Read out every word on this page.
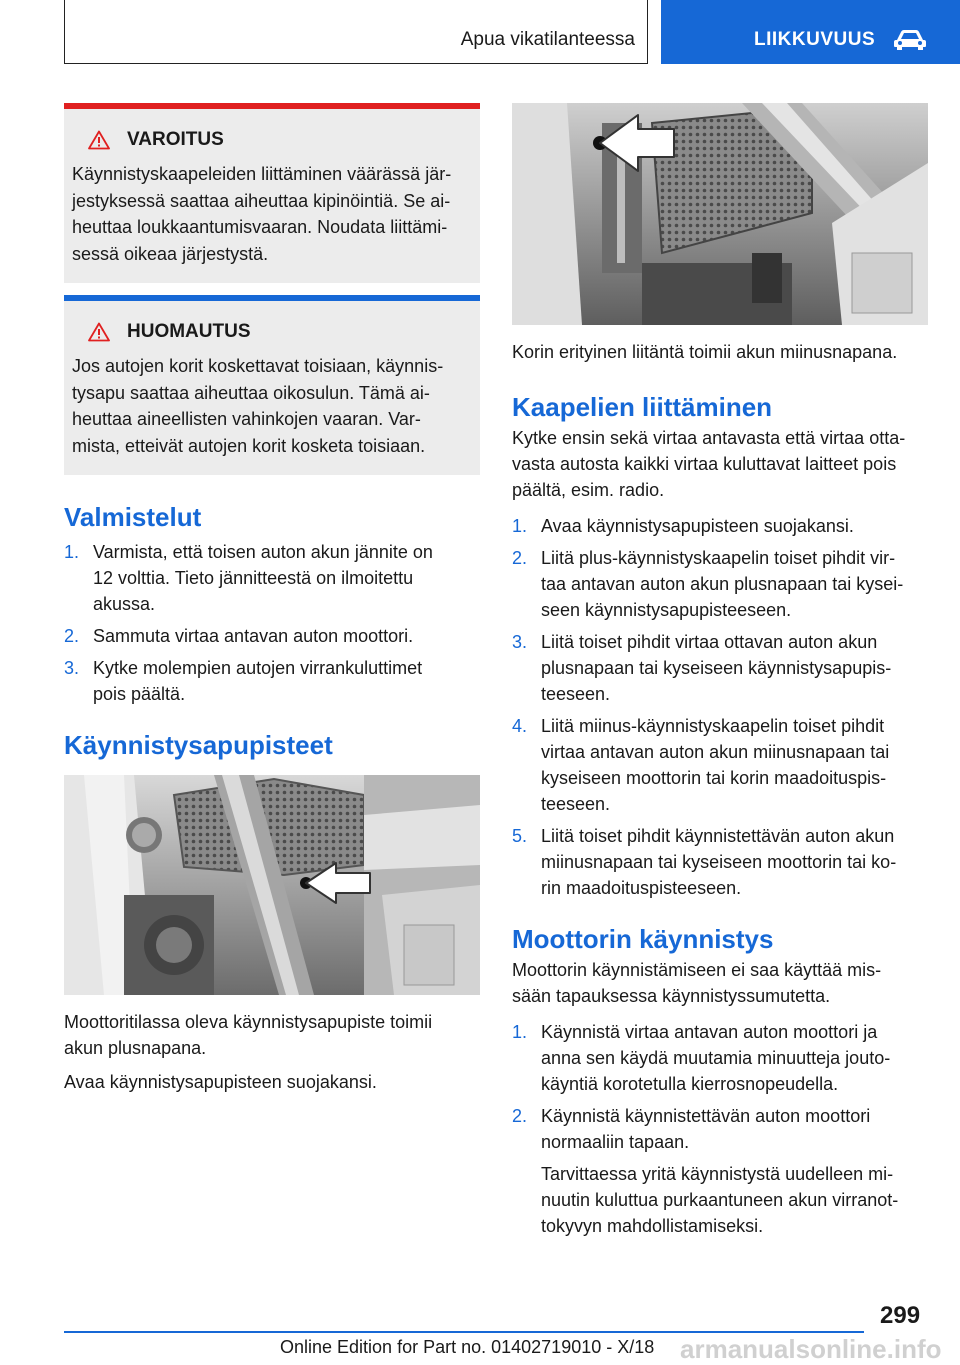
Apua vikatilanteessa	LIIKKUVUUS
VAROITUS
Käynnistyskaapeleiden liittäminen väärässä jär-
jestyksessä saattaa aiheuttaa kipinöintiä. Se ai-
heuttaa loukkaantumisvaaran. Noudata liittämi-
sessä oikeaa järjestystä.
HUOMAUTUS
Jos autojen korit koskettavat toisiaan, käynnis-
tysapu saattaa aiheuttaa oikosulun. Tämä ai-
heuttaa aineellisten vahinkojen vaaran. Var-
mista, etteivät autojen korit kosketa toisiaan.
Valmistelut
1. Varmista, että toisen auton akun jännite on
12 volttia. Tieto jännitteestä on ilmoitettu
akussa.
2. Sammuta virtaa antavan auton moottori.
3. Kytke molempien autojen virrankuluttimet
pois päältä.
Käynnistysapupisteet

Moottoritilassa oleva käynnistysapupiste toimii
akun plusnapana.

Avaa käynnistysapupisteen suojakansi.

Korin erityinen liitäntä toimii akun miinusnapana.

Kaapelien liittäminen

Kytke ensin sekä virtaa antavasta että virtaa otta-
vasta autosta kaikki virtaa kuluttavat laitteet pois
päältä, esim. radio.

1. Avaa käynnistysapupisteen suojakansi.
2. Liitä plus-käynnistyskaapelin toiset pihdit vir-
taa antavan auton akun plusnapaan tai kysei-
seen käynnistysapupisteeseen.
3. Liitä toiset pihdit virtaa ottavan auton akun
plusnapaan tai kyseiseen käynnistysapupis-
teeseen.
4. Liitä miinus-käynnistyskaapelin toiset pihdit
virtaa antavan auton akun miinusnapaan tai
kyseiseen moottorin tai korin maadoituspis-
teeseen.
5. Liitä toiset pihdit käynnistettävän auton akun
miinusnapaan tai kyseiseen moottorin tai ko-
rin maadoituspisteeseen.
Moottorin käynnistys

Moottorin käynnistämiseen ei saa käyttää mis-
sään tapauksessa käynnistyssumutetta.

1. Käynnistä virtaa antavan auton moottori ja
anna sen käydä muutamia minuutteja jouto-
käyntiä korotetulla kierrosnopeudella.
2. Käynnistä käynnistettävän auton moottori
normaaliin tapaan.
Tarvittaessa yritä käynnistystä uudelleen mi-
nuutin kuluttua purkaantuneen akun virranot-
tokyvyn mahdollistamiseksi.
299
armanualsonline.info
Online Edition for Part no. 01402719010 - X/18
